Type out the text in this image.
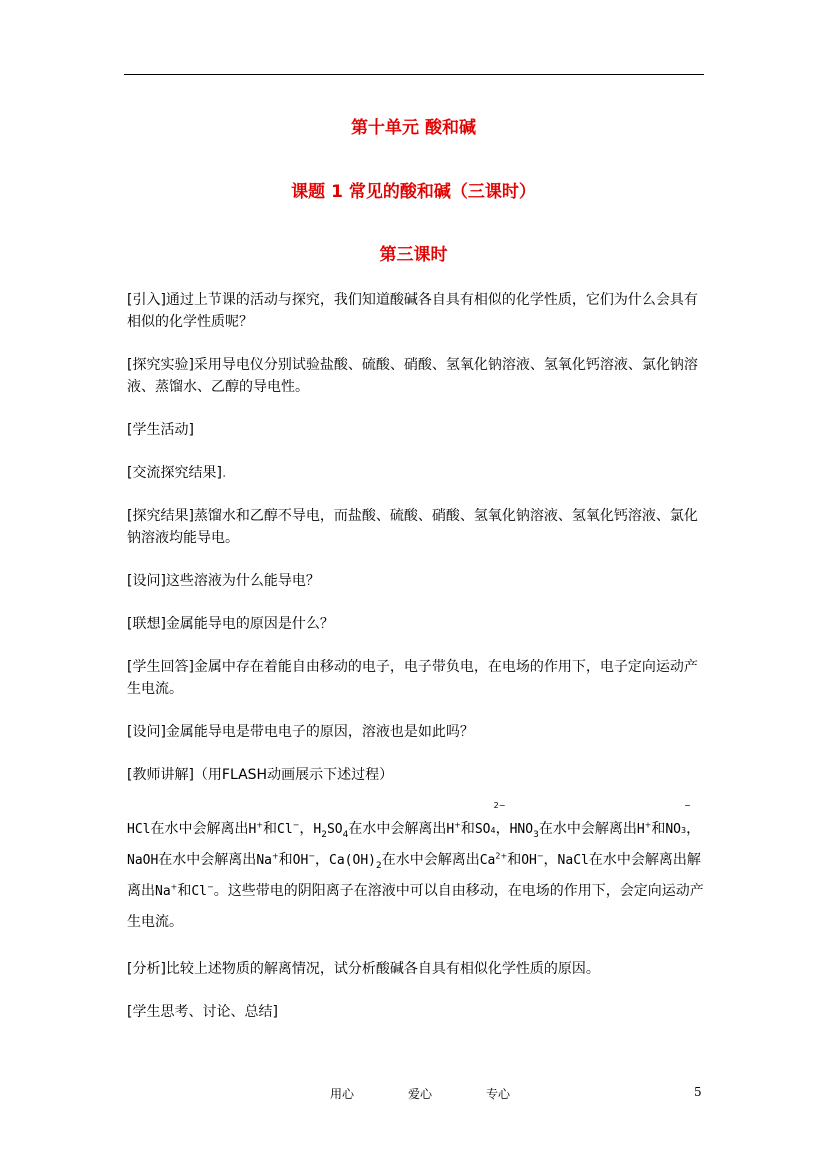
第十单元 酸和碱
课题 1 常见的酸和碱（三课时）
第三课时

[引入]通过上节课的活动与探究，我们知道酸碱各自具有相似的化学性质，它们为什么会具有相似的化学性质呢？

[探究实验]采用导电仪分别试验盐酸、硫酸、硝酸、氢氧化钠溶液、氢氧化钙溶液、氯化钠溶液、蒸馏水、乙醇的导电性。

[学生活动]

[交流探究结果].

[探究结果]蒸馏水和乙醇不导电，而盐酸、硫酸、硝酸、氢氧化钠溶液、氢氧化钙溶液、氯化钠溶液均能导电。

[设问]这些溶液为什么能导电？

[联想]金属能导电的原因是什么？

[学生回答]金属中存在着能自由移动的电子，电子带负电，在电场的作用下，电子定向运动产生电流。

[设问]金属能导电是带电电子的原因，溶液也是如此吗？

[教师讲解]（用FLASH动画展示下述过程）

HCl在水中会解离出H+和Cl−，$H_2SO_4$在水中会解离出H+和$SO^4$
2−
，$HNO_3$在水中会解离出H+和$NO^3$
−
，NaOH在水中会解离出Na+和OH−，$Ca(OH)_2$在水中会解离出$Ca^{2+}$和OH−，NaCl在水中会解离出解离出Na+和Cl−。这些带电的阴阳离子在溶液中可以自由移动，在电场的作用下，会定向运动产生电流。

[分析]比较上述物质的解离情况，试分析酸碱各自具有相似化学性质的原因。

[学生思考、讨论、总结]

用心	爱心	专心	5
